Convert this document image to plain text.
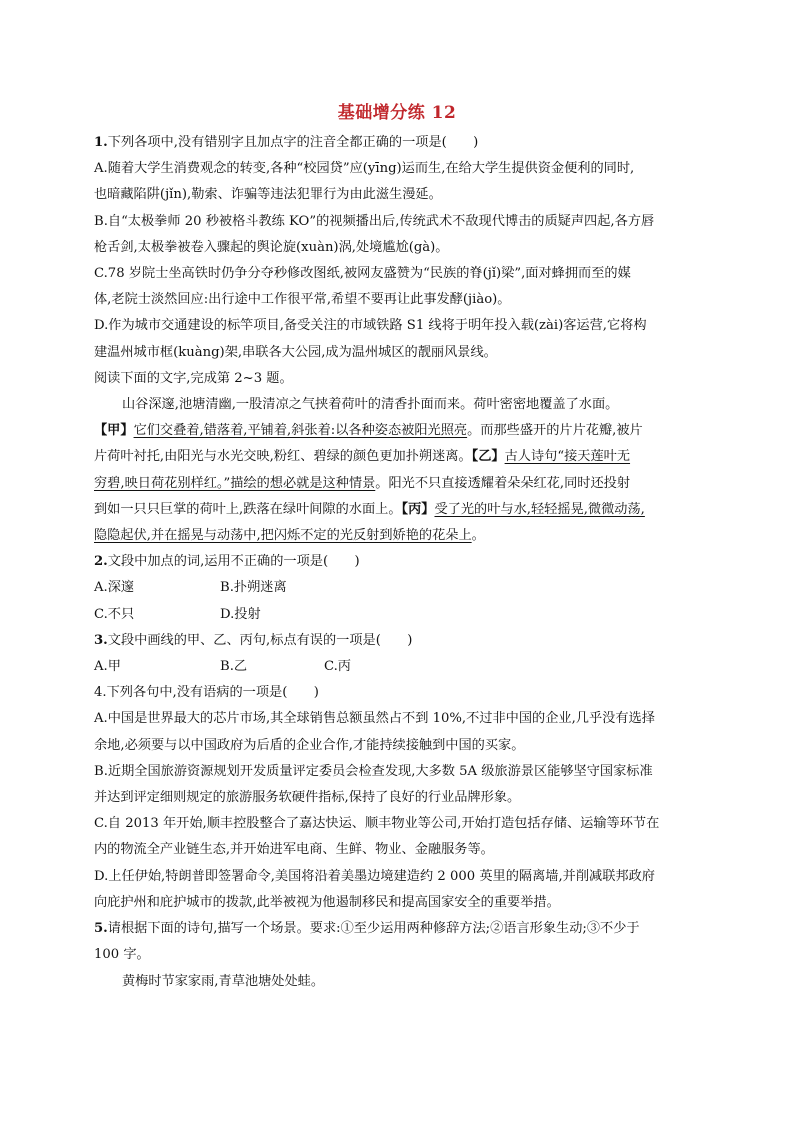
基础增分练 12
1.下列各项中,没有错别字且加点字的注音全都正确的一项是(　　)
A.随着大学生消费观念的转变,各种“校园贷”应(yīng)运而生,在给大学生提供资金便利的同时,
也暗藏陷阱(jǐn),勒索、诈骗等违法犯罪行为由此滋生漫延。
B.自“太极拳师 20 秒被格斗教练 KO”的视频播出后,传统武术不敌现代博击的质疑声四起,各方唇
枪舌剑,太极拳被卷入骤起的舆论旋(xuàn)涡,处境尴尬(gà)。
C.78 岁院士坐高铁时仍争分夺秒修改图纸,被网友盛赞为“民族的脊(jǐ)梁”,面对蜂拥而至的媒
体,老院士淡然回应:出行途中工作很平常,希望不要再让此事发酵(jiào)。
D.作为城市交通建设的标竿项目,备受关注的市域铁路 S1 线将于明年投入载(zài)客运营,它将构
建温州城市框(kuàng)架,串联各大公园,成为温州城区的靓丽风景线。
阅读下面的文字,完成第 2~3 题。
山谷深邃,池塘清幽,一股清凉之气挟着荷叶的清香扑面而来。荷叶密密地覆盖了水面。
【甲】它们交叠着,错落着,平铺着,斜张着:以各种姿态被阳光照亮。而那些盛开的片片花瓣,被片
片荷叶衬托,由阳光与水光交映,粉红、碧绿的颜色更加扑朔迷离。【乙】古人诗句“接天莲叶无
穷碧,映日荷花别样红。”描绘的想必就是这种情景。阳光不只直接透耀着朵朵红花,同时还投射
到如一只只巨掌的荷叶上,跌落在绿叶间隙的水面上。【丙】受了光的叶与水,轻轻摇晃,微微动荡,
隐隐起伏,并在摇晃与动荡中,把闪烁不定的光反射到娇艳的花朵上。
2.文段中加点的词,运用不正确的一项是(　　)
A.深邃	B.扑朔迷离
C.不只	D.投射
3.文段中画线的甲、乙、丙句,标点有误的一项是(　　)
A.甲	B.乙	C.丙
4.下列各句中,没有语病的一项是(　　)
A.中国是世界最大的芯片市场,其全球销售总额虽然占不到 10%,不过非中国的企业,几乎没有选择
余地,必须要与以中国政府为后盾的企业合作,才能持续接触到中国的买家。
B.近期全国旅游资源规划开发质量评定委员会检查发现,大多数 5A 级旅游景区能够坚守国家标准
并达到评定细则规定的旅游服务软硬件指标,保持了良好的行业品牌形象。
C.自 2013 年开始,顺丰控股整合了嘉达快运、顺丰物业等公司,开始打造包括存储、运输等环节在
内的物流全产业链生态,并开始进军电商、生鲜、物业、金融服务等。
D.上任伊始,特朗普即签署命令,美国将沿着美墨边境建造约 2 000 英里的隔离墙,并削减联邦政府
向庇护州和庇护城市的拨款,此举被视为他遏制移民和提高国家安全的重要举措。
5.请根据下面的诗句,描写一个场景。要求:①至少运用两种修辞方法;②语言形象生动;③不少于
100 字。
黄梅时节家家雨,青草池塘处处蛙。
